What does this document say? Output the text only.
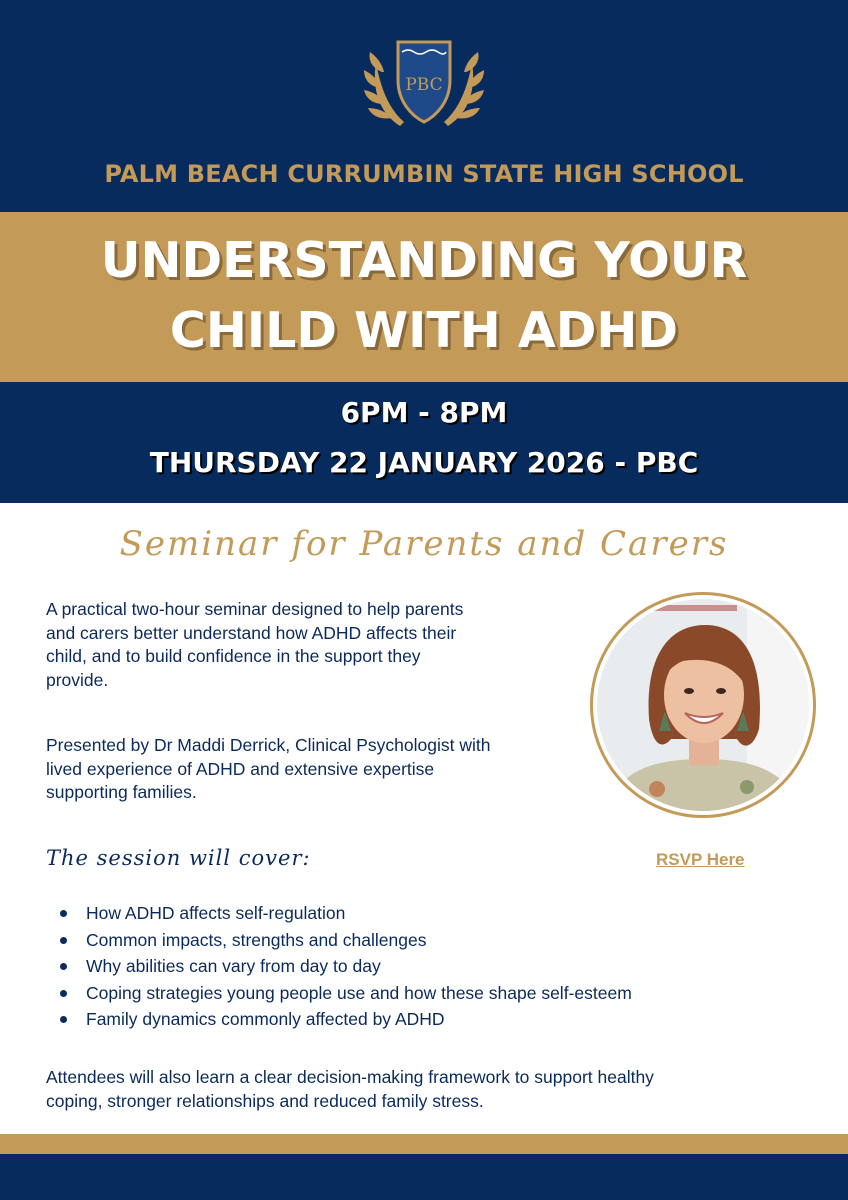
PBC
PALM BEACH CURRUMBIN STATE HIGH SCHOOL
UNDERSTANDING YOUR
CHILD WITH ADHD
6PM - 8PM
THURSDAY 22 JANUARY 2026 - PBC
Seminar for Parents and Carers
A practical two-hour seminar designed to help parents
and carers better understand how ADHD affects their
child, and to build confidence in the support they
provide.
Presented by Dr Maddi Derrick, Clinical Psychologist with
lived experience of ADHD and extensive expertise
supporting families.
The session will cover:	RSVP Here
How ADHD affects self-regulation
Common impacts, strengths and challenges
Why abilities can vary from day to day
Coping strategies young people use and how these shape self-esteem
Family dynamics commonly affected by ADHD
Attendees will also learn a clear decision-making framework to support healthy
coping, stronger relationships and reduced family stress.
